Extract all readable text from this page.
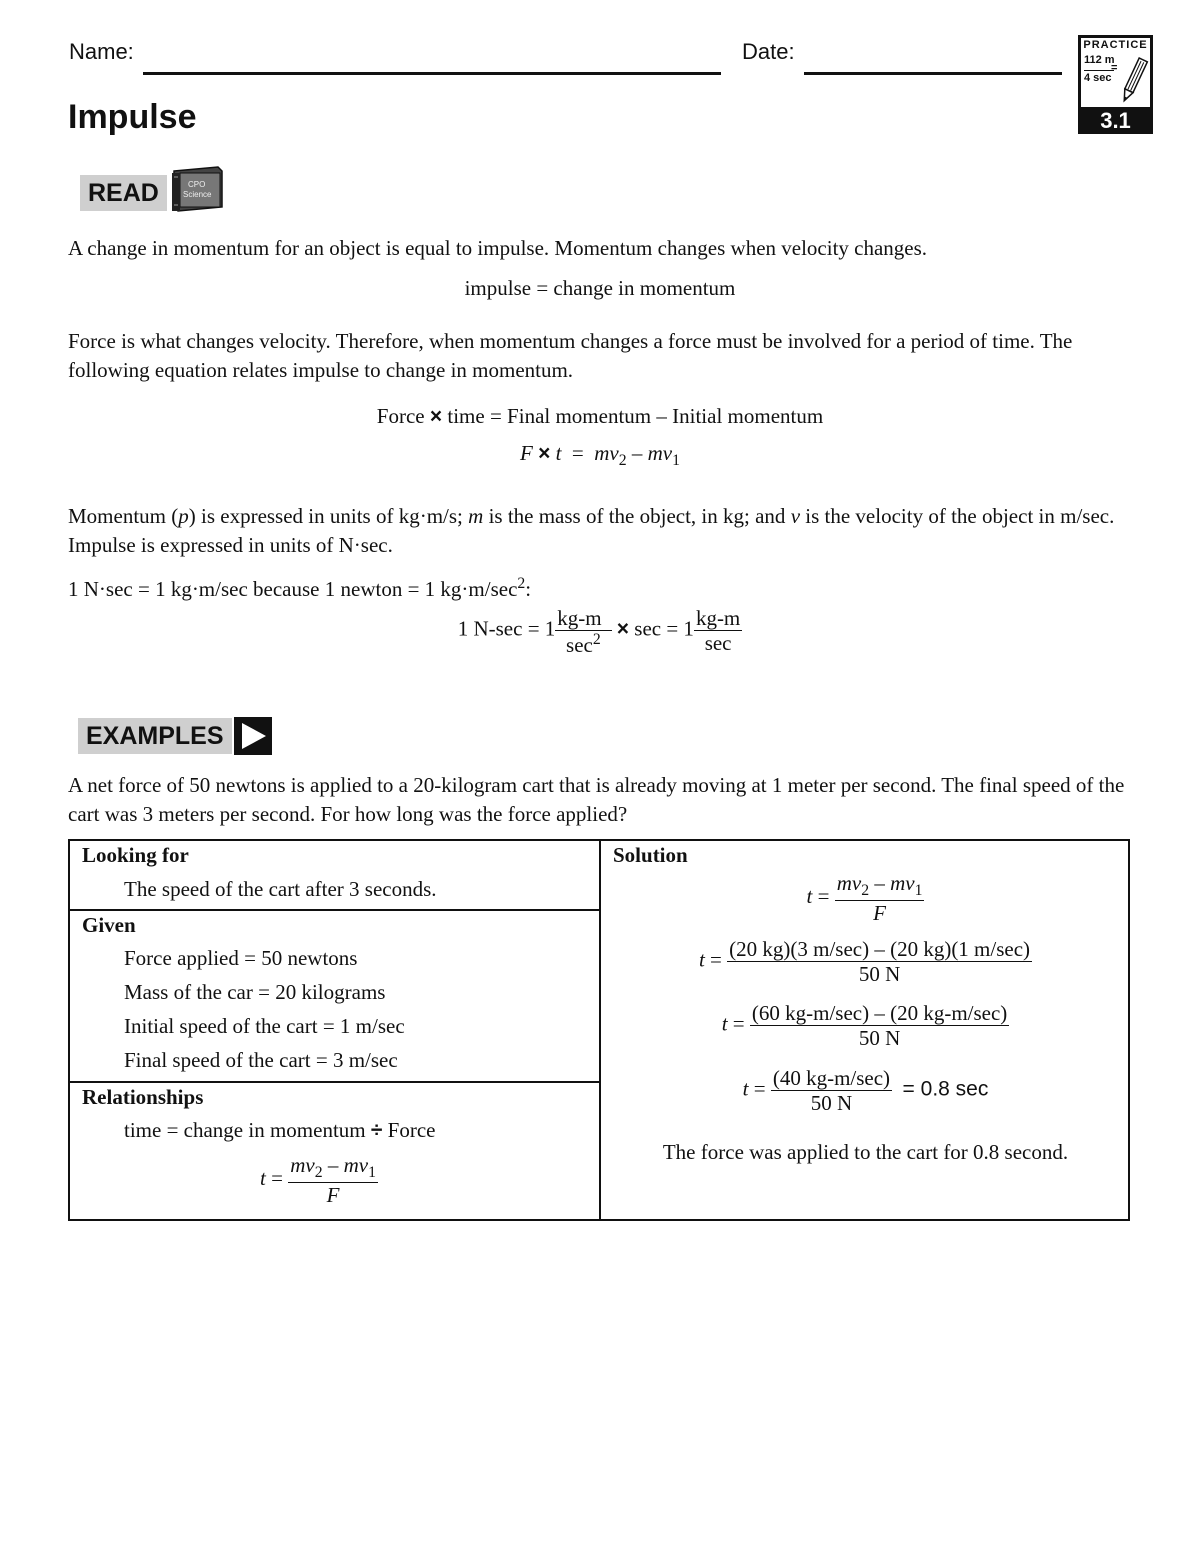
Name:	Date:
Impulse
PRACTICE
112 m
4 sec
=
3.1
READ	CPO
Science
A change in momentum for an object is equal to impulse. Momentum changes when velocity changes.
impulse = change in momentum
Force is what changes velocity. Therefore, when momentum changes a force must be involved for a period of time. The following equation relates impulse to change in momentum.
Force × time = Final momentum – Initial momentum
$F \times t = mv_2 - mv_1$
Momentum (p) is expressed in units of kg·m/s; m is the mass of the object, in kg; and v is the velocity of the object in m/sec. Impulse is expressed in units of N·sec.
1 N·sec = 1 kg·m/sec because 1 newton = 1 $kg\cdot m/\sec^2$:
1 $N-\sec = 1 \frac{kg-m}{\sec^2} \times \sec = 1 \frac{kg-m}{\sec}$
EXAMPLES
A net force of 50 newtons is applied to a 20-kilogram cart that is already moving at 1 meter per second. The final speed of the cart was 3 meters per second. For how long was the force applied?
Looking for
The speed of the cart after 3 seconds.
Given
Force applied = 50 newtons
Mass of the car = 20 kilograms
Initial speed of the cart = 1 m/sec
Final speed of the cart = 3 m/sec
Relationships
time = change in momentum ÷ Force
$t = \frac{mv_2 - mv_1}{F}$
Solution
$t = \frac{mv_2 - mv_1}{F}$
$t = \frac{(20 kg)(3 m/\sec) - (20 kg)(1 m/\sec)}{50 N}$
$t = \frac{(60 kg-m/\sec) - (20 kg-m/\sec)}{50 N}$
$t = \frac{(40 kg-m/\sec)}{50 N} = 0.8$ sec
The force was applied to the cart for 0.8 second.
